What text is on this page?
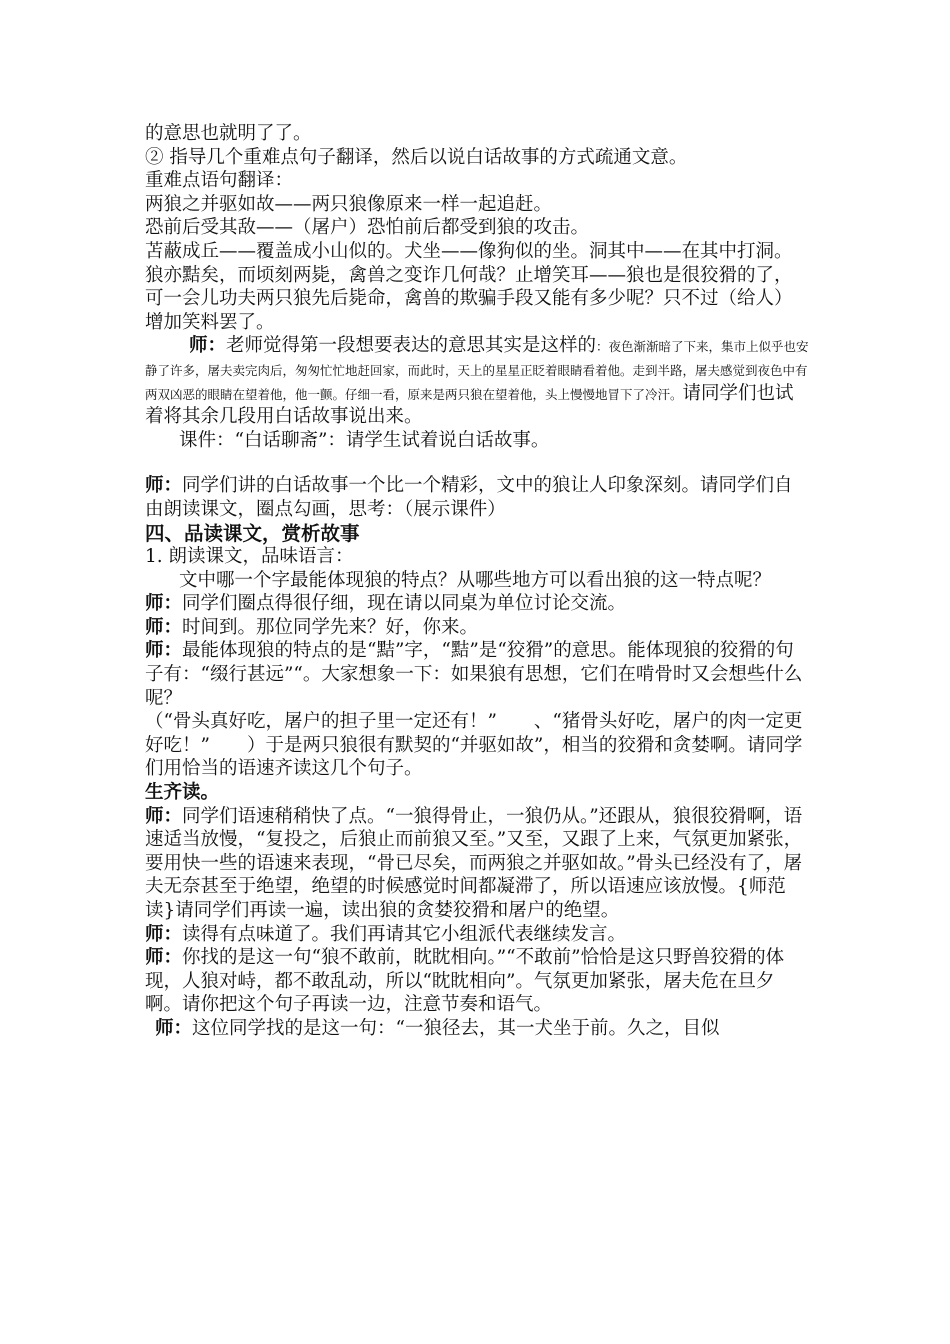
的意思也就明了了。

② 指导几个重难点句子翻译，然后以说白话故事的方式疏通文意。

重难点语句翻译：

两狼之并驱如故——两只狼像原来一样一起追赶。

恐前后受其敌——（屠户）恐怕前后都受到狼的攻击。

苫蔽成丘——覆盖成小山似的。犬坐——像狗似的坐。洞其中——在其中打洞。

狼亦黠矣，而顷刻两毙，禽兽之变诈几何哉？止增笑耳——狼也是很狡猾的了，可一会儿功夫两只狼先后毙命，禽兽的欺骗手段又能有多少呢？只不过（给人）增加笑料罢了。

师：老师觉得第一段想要表达的意思其实是这样的：夜色渐渐暗了下来，集市上似乎也安静了许多，屠夫卖完肉后，匆匆忙忙地赶回家，而此时，天上的星星正眨着眼睛看着他。走到半路，屠夫感觉到夜色中有两双凶恶的眼睛在望着他，他一颤。仔细一看，原来是两只狼在望着他，头上慢慢地冒下了冷汗。请同学们也试着将其余几段用白话故事说出来。

课件：“白话聊斋”：请学生试着说白话故事。

师：同学们讲的白话故事一个比一个精彩，文中的狼让人印象深刻。请同学们自由朗读课文，圈点勾画，思考：（展示课件）

四、品读课文，赏析故事

1. 朗读课文，品味语言：

文中哪一个字最能体现狼的特点？从哪些地方可以看出狼的这一特点呢？

师：同学们圈点得很仔细，现在请以同桌为单位讨论交流。

师：时间到。那位同学先来？好，你来。

师：最能体现狼的特点的是“黠”字，“黠”是“狡猾”的意思。能体现狼的狡猾的句子有：“缀行甚远”“。大家想象一下：如果狼有思想，它们在啃骨时又会想些什么呢？

（“骨头真好吃，屠户的担子里一定还有！”　　、“猪骨头好吃，屠户的肉一定更好吃！”　　）于是两只狼很有默契的“并驱如故”，相当的狡猾和贪婪啊。请同学们用恰当的语速齐读这几个句子。

生齐读。

师：同学们语速稍稍快了点。“一狼得骨止，一狼仍从。”还跟从，狼很狡猾啊，语速适当放慢，“复投之，后狼止而前狼又至。”又至，又跟了上来，气氛更加紧张，要用快一些的语速来表现，“骨已尽矣，而两狼之并驱如故。”骨头已经没有了，屠夫无奈甚至于绝望，绝望的时候感觉时间都凝滞了，所以语速应该放慢。{师范读}请同学们再读一遍，读出狼的贪婪狡猾和屠户的绝望。

师：读得有点味道了。我们再请其它小组派代表继续发言。

师：你找的是这一句“狼不敢前，眈眈相向。”“不敢前”恰恰是这只野兽狡猾的体现，人狼对峙，都不敢乱动，所以“眈眈相向”。气氛更加紧张，屠夫危在旦夕啊。请你把这个句子再读一边，注意节奏和语气。

师：这位同学找的是这一句：“一狼径去，其一犬坐于前。久之，目似
